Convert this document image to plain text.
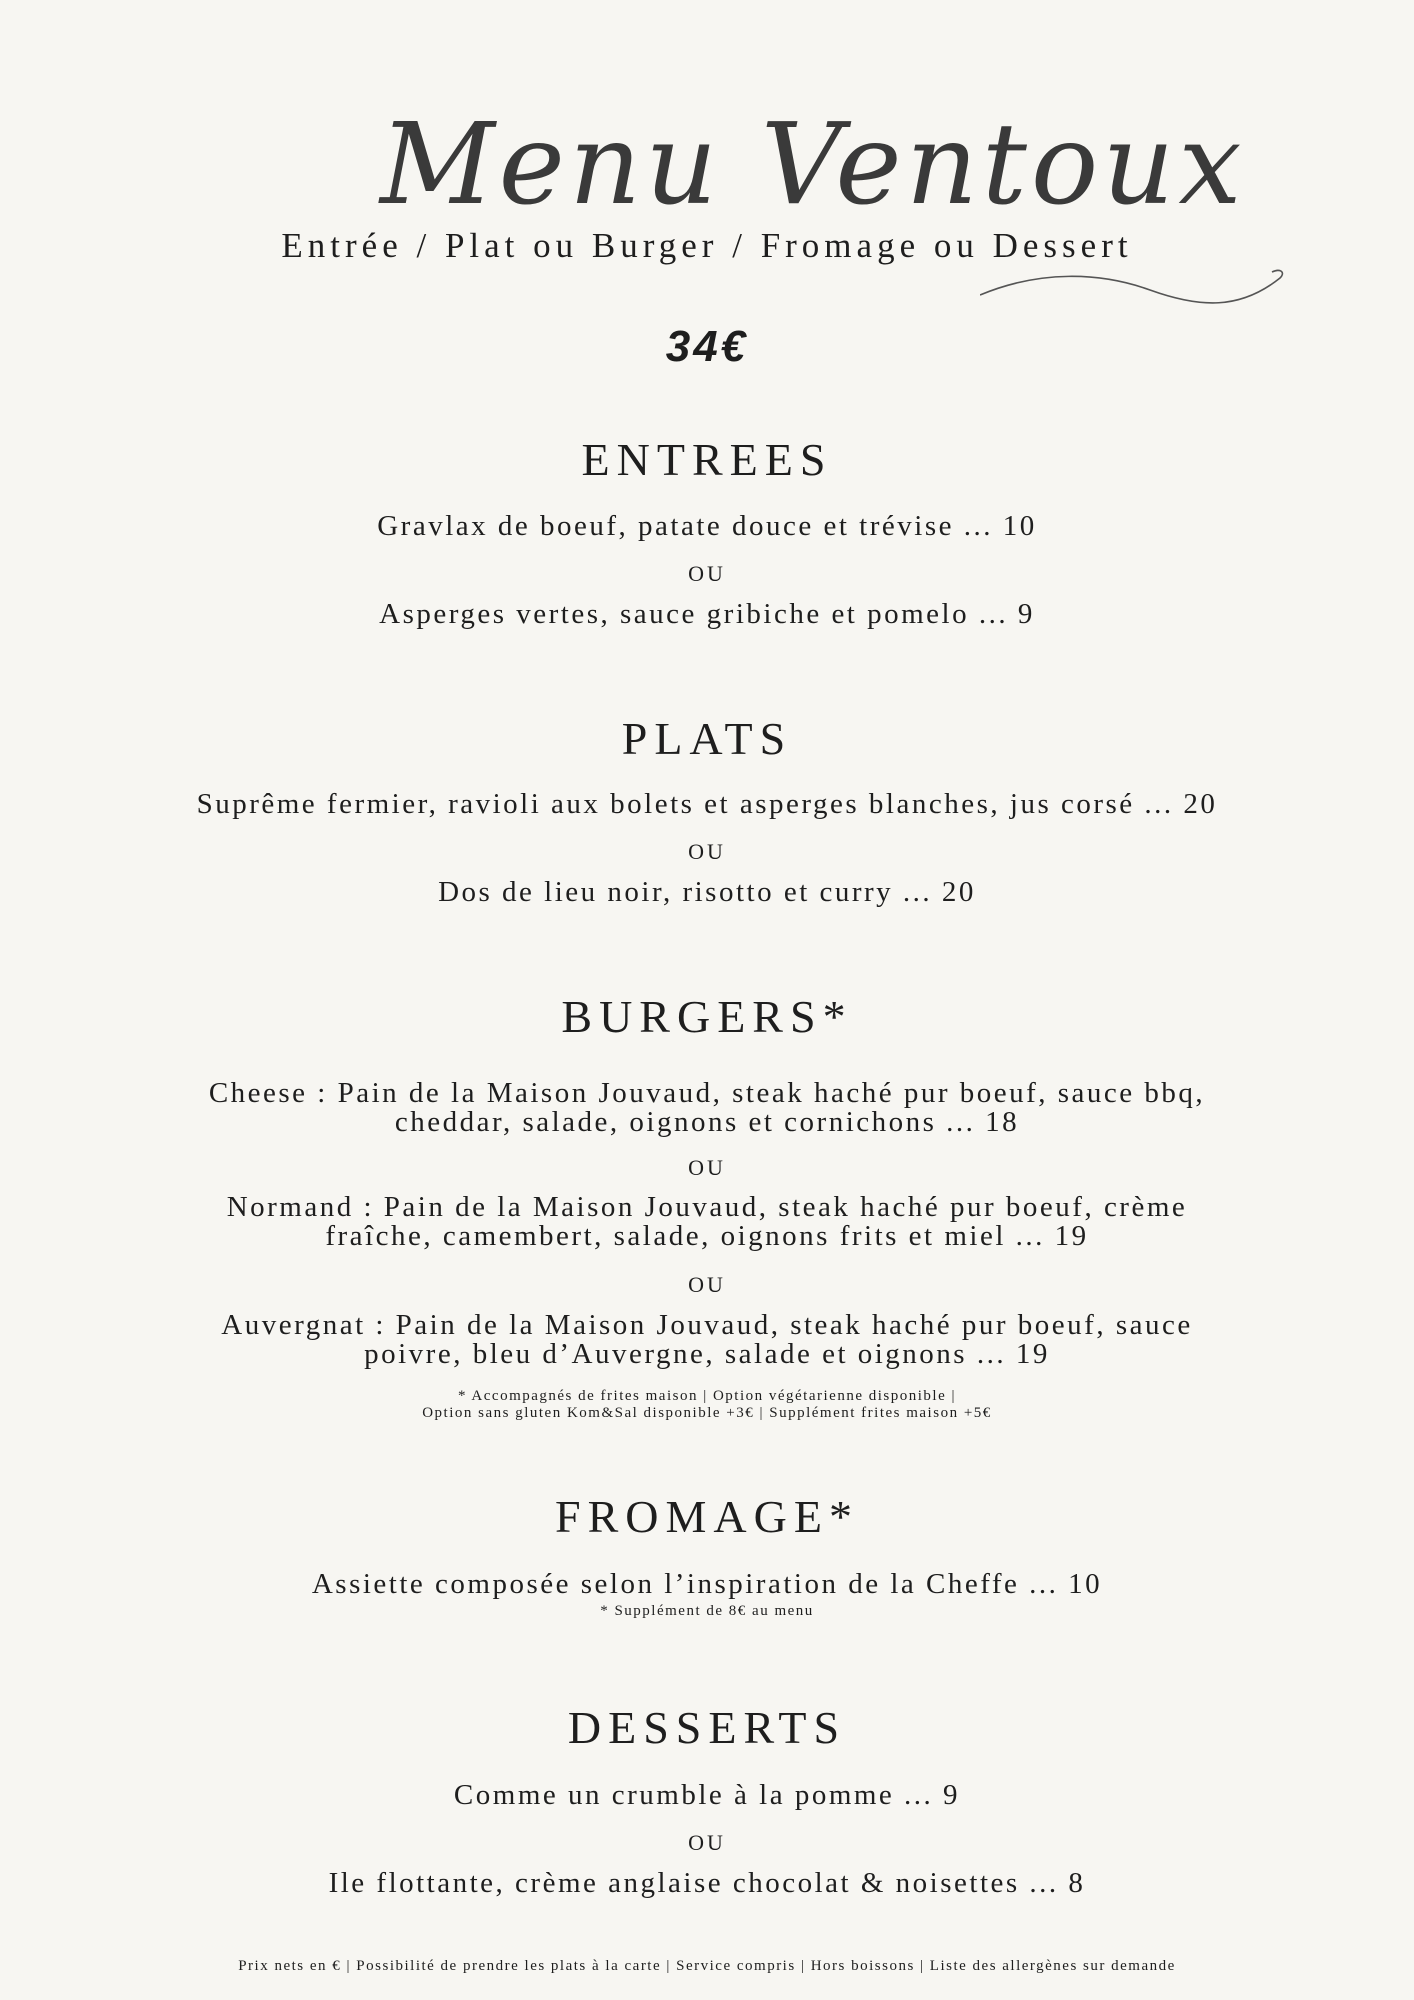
Menu Ventoux
Entrée / Plat ou Burger / Fromage ou Dessert
34€
ENTREES
Gravlax de boeuf, patate douce et trévise ... 10
OU
Asperges vertes, sauce gribiche et pomelo ... 9
PLATS
Suprême fermier, ravioli aux bolets et asperges blanches, jus corsé ... 20
OU
Dos de lieu noir, risotto et curry ... 20
BURGERS*
Cheese : Pain de la Maison Jouvaud, steak haché pur boeuf, sauce bbq,
cheddar, salade, oignons et cornichons ... 18
OU
Normand : Pain de la Maison Jouvaud, steak haché pur boeuf, crème
fraîche, camembert, salade, oignons frits et miel ... 19
OU
Auvergnat : Pain de la Maison Jouvaud, steak haché pur boeuf, sauce
poivre, bleu d’Auvergne, salade et oignons ... 19
* Accompagnés de frites maison | Option végétarienne disponible |
Option sans gluten Kom&Sal disponible +3€ | Supplément frites maison +5€
FROMAGE*
Assiette composée selon l’inspiration de la Cheffe ... 10
* Supplément de 8€ au menu
DESSERTS
Comme un crumble à la pomme ... 9
OU
Ile flottante, crème anglaise chocolat & noisettes ... 8
Prix nets en € | Possibilité de prendre les plats à la carte | Service compris | Hors boissons | Liste des allergènes sur demande
